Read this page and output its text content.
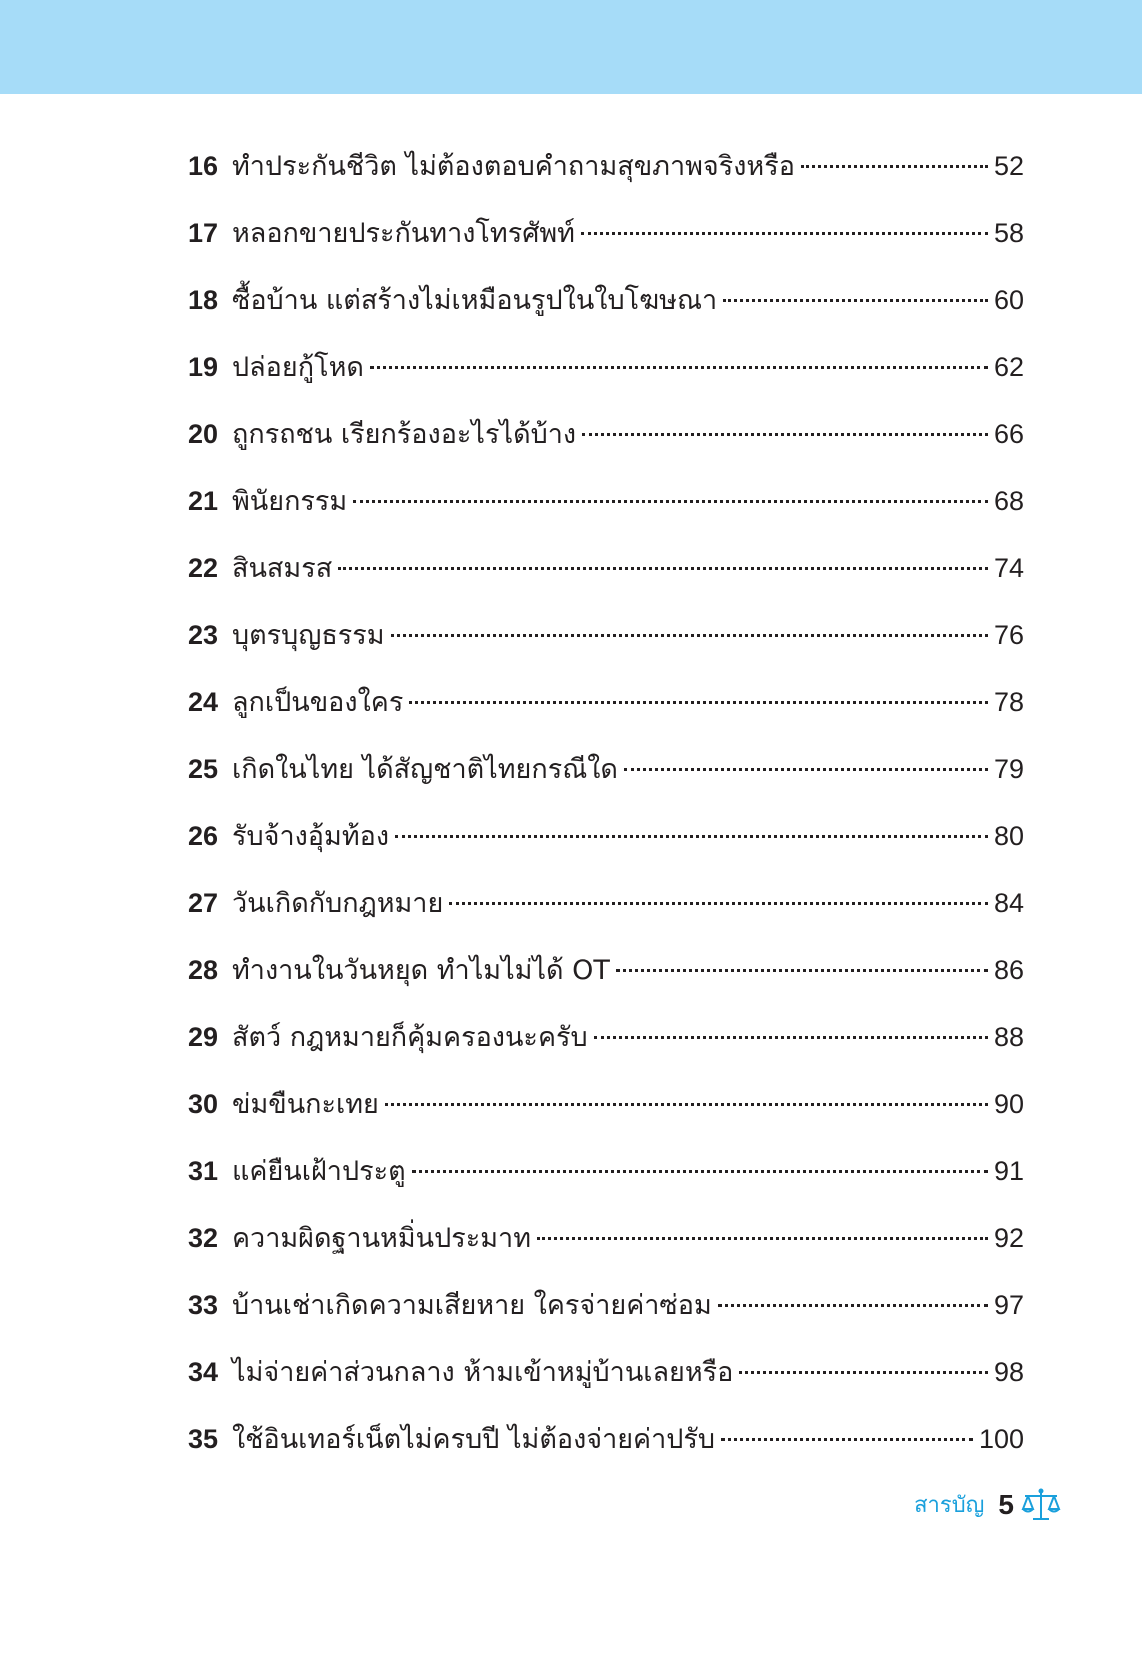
16 ทำประกันชีวิต ไม่ต้องตอบคำถามสุขภาพจริงหรือ	52
17 หลอกขายประกันทางโทรศัพท์	58
18 ซื้อบ้าน แต่สร้างไม่เหมือนรูปในใบโฆษณา	60
19 ปล่อยกู้โหด	62
20 ถูกรถชน เรียกร้องอะไรได้บ้าง	66
21 พินัยกรรม	68
22 สินสมรส	74
23 บุตรบุญธรรม	76
24 ลูกเป็นของใคร	78
25 เกิดในไทย ได้สัญชาติไทยกรณีใด	79
26 รับจ้างอุ้มท้อง	80
27 วันเกิดกับกฎหมาย	84
28 ทำงานในวันหยุด ทำไมไม่ได้ OT	86
29 สัตว์ กฎหมายก็คุ้มครองนะครับ	88
30 ข่มขืนกะเทย	90
31 แค่ยืนเฝ้าประตู	91
32 ความผิดฐานหมิ่นประมาท	92
33 บ้านเช่าเกิดความเสียหาย ใครจ่ายค่าซ่อม	97
34 ไม่จ่ายค่าส่วนกลาง ห้ามเข้าหมู่บ้านเลยหรือ	98
35 ใช้อินเทอร์เน็ตไม่ครบปี ไม่ต้องจ่ายค่าปรับ	100
สารบัญ 5
